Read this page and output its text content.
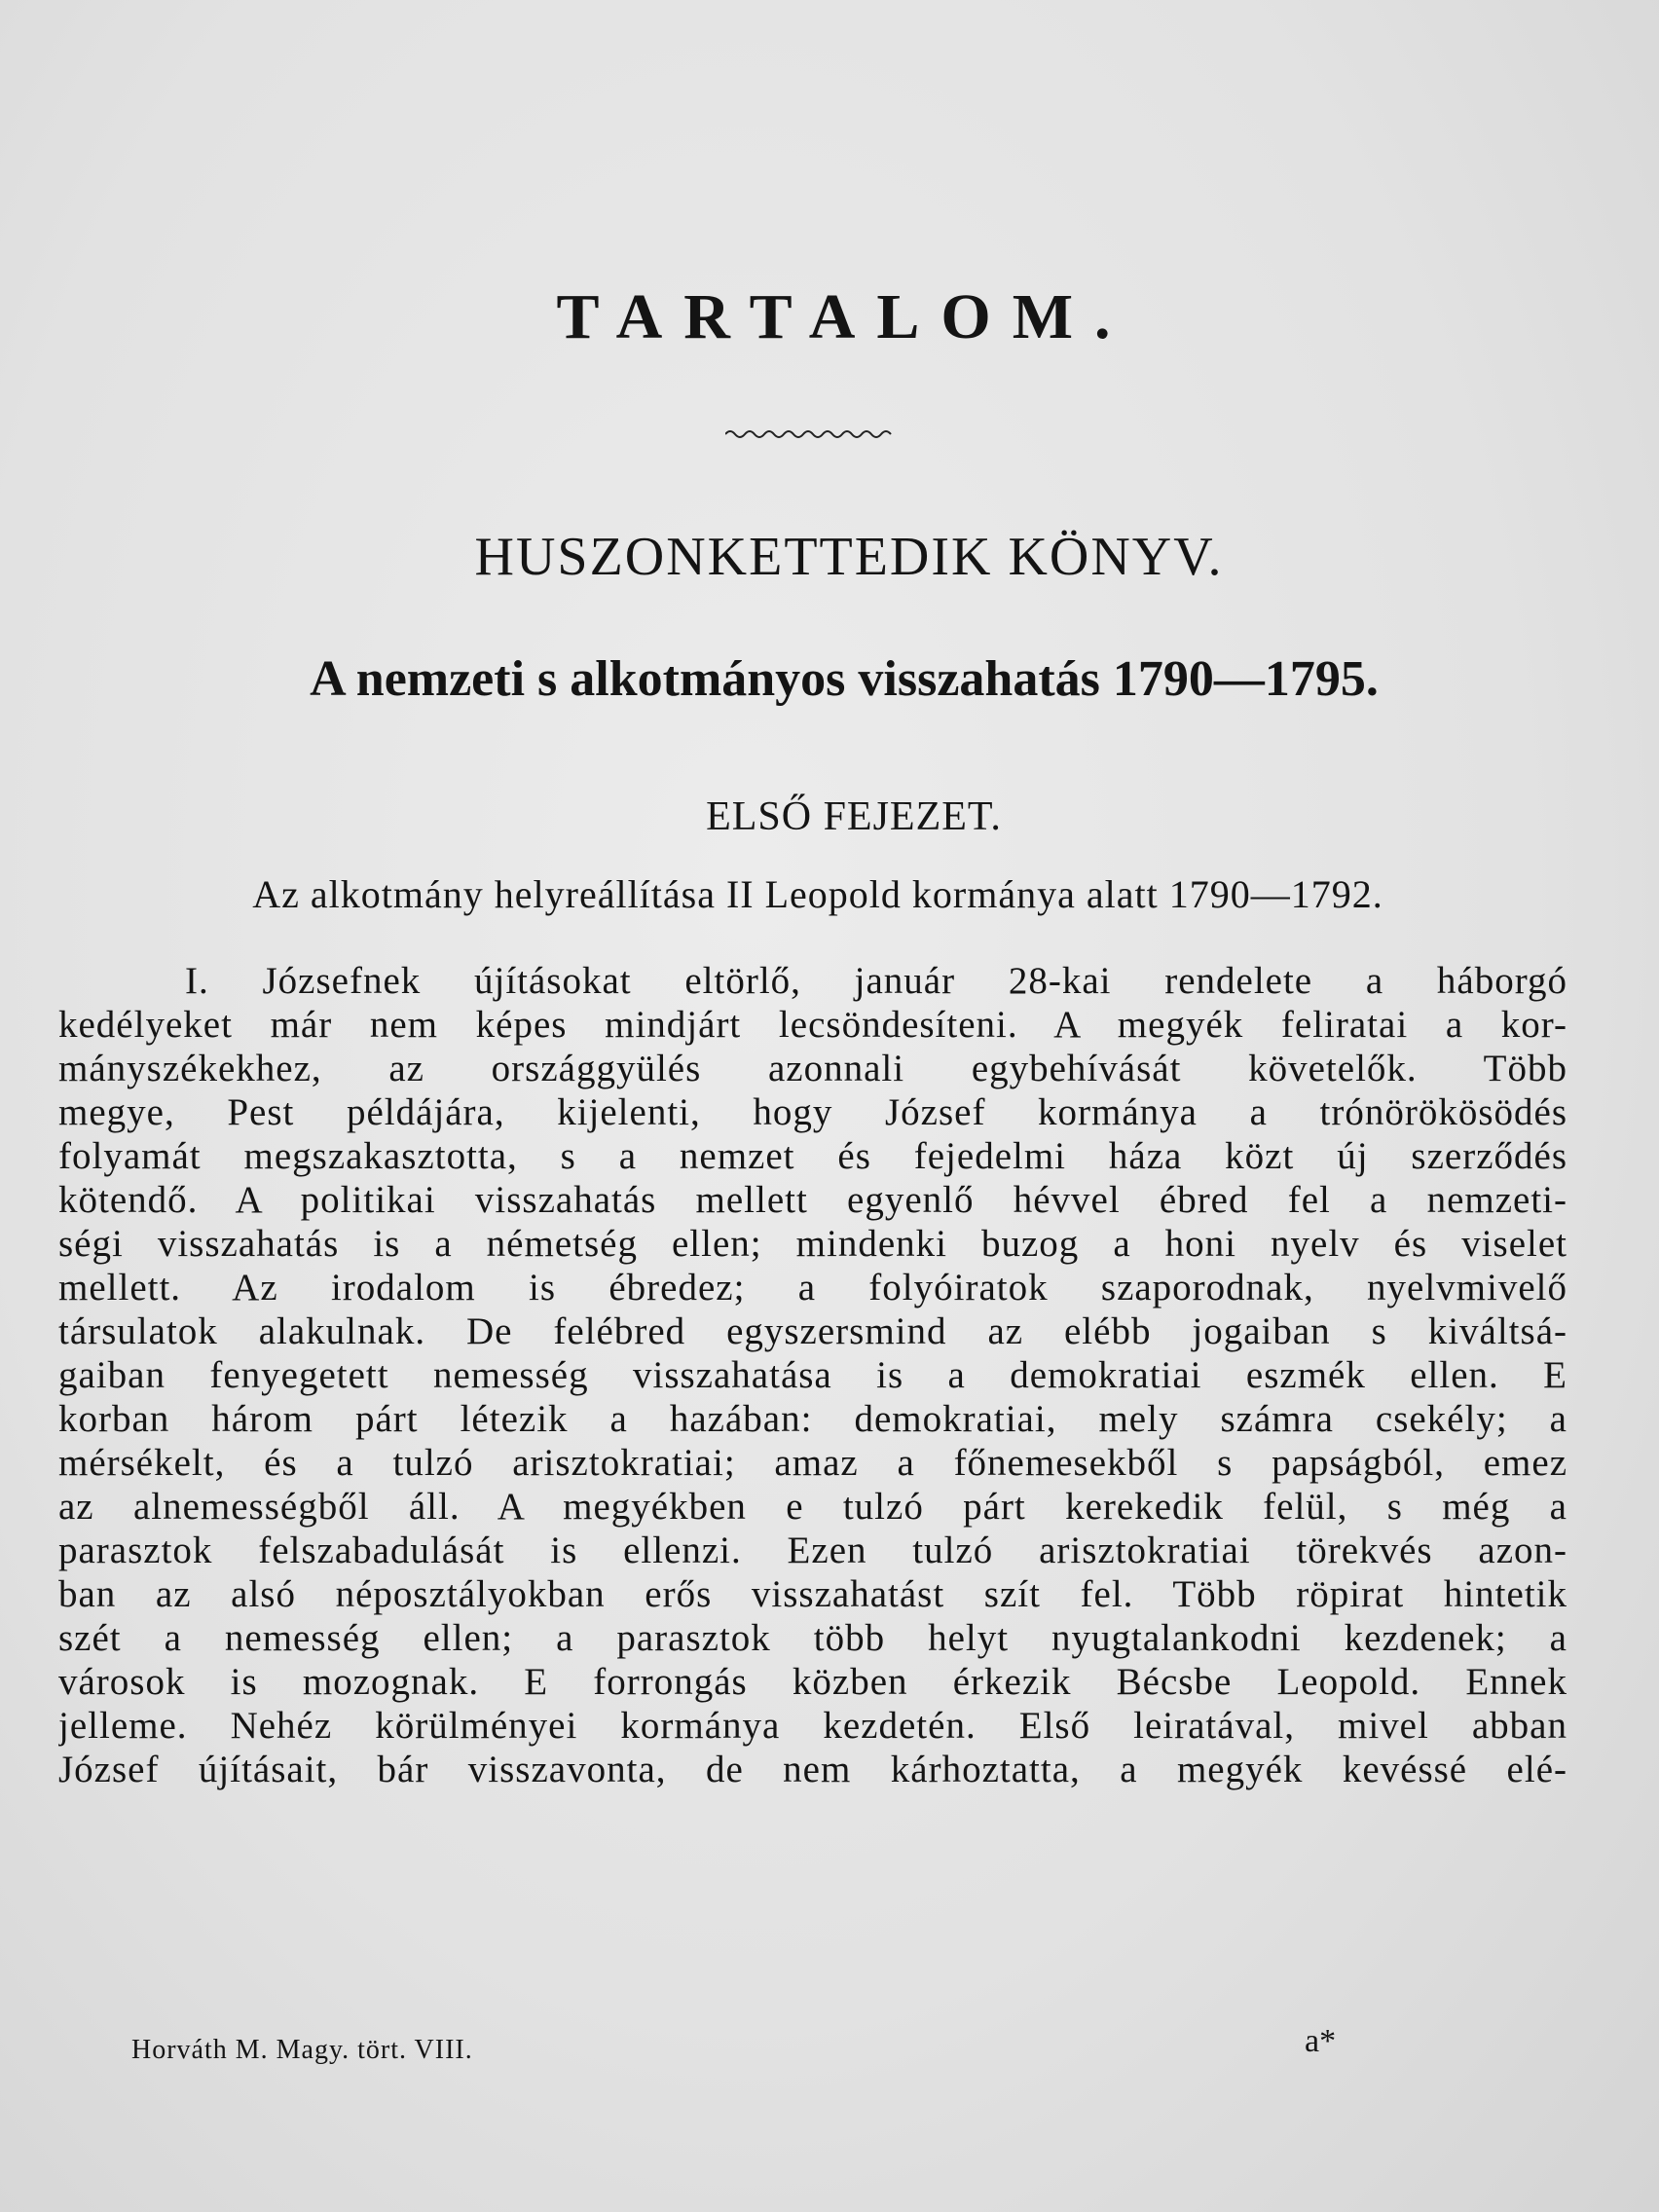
TARTALOM.
HUSZONKETTEDIK KÖNYV.
A nemzeti s alkotmányos visszahatás 1790—1795.
ELSŐ FEJEZET.
Az alkotmány helyreállítása II Leopold kormánya alatt 1790—1792.
I. Józsefnek újításokat eltörlő, január 28-kai rendelete a háborgó
kedélyeket már nem képes mindjárt lecsöndesíteni. A megyék feliratai a kor-
mányszékekhez, az országgyülés azonnali egybehívását követelők. Több
megye, Pest példájára, kijelenti, hogy József kormánya a trónörökösödés
folyamát megszakasztotta, s a nemzet és fejedelmi háza közt új szerződés
kötendő. A politikai visszahatás mellett egyenlő hévvel ébred fel a nemzeti-
ségi visszahatás is a németség ellen; mindenki buzog a honi nyelv és viselet
mellett. Az irodalom is ébredez; a folyóiratok szaporodnak, nyelvmivelő
társulatok alakulnak. De felébred egyszersmind az elébb jogaiban s kiváltsá-
gaiban fenyegetett nemesség visszahatása is a demokratiai eszmék ellen. E
korban három párt létezik a hazában: demokratiai, mely számra csekély; a
mérsékelt, és a tulzó arisztokratiai; amaz a főnemesekből s papságból, emez
az alnemességből áll. A megyékben e tulzó párt kerekedik felül, s még a
parasztok felszabadulását is ellenzi. Ezen tulzó arisztokratiai törekvés azon-
ban az alsó néposztályokban erős visszahatást szít fel. Több röpirat hintetik
szét a nemesség ellen; a parasztok több helyt nyugtalankodni kezdenek; a
városok is mozognak. E forrongás közben érkezik Bécsbe Leopold. Ennek
jelleme. Nehéz körülményei kormánya kezdetén. Első leiratával, mivel abban
József újításait, bár visszavonta, de nem kárhoztatta, a megyék kevéssé elé-
Horváth M. Magy. tört. VIII.	a*
